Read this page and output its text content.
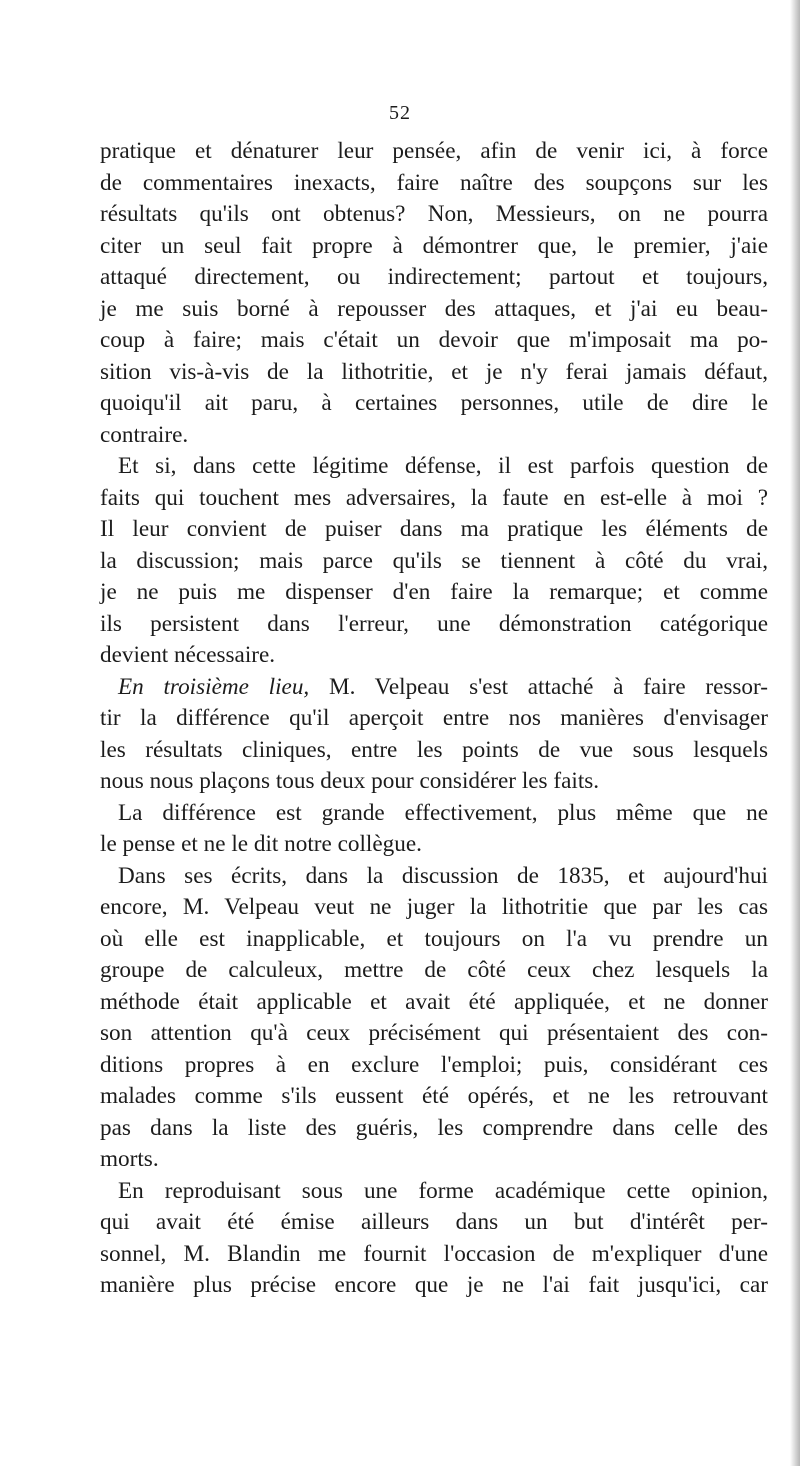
52
pratique et dénaturer leur pensée, afin de venir ici, à force
de commentaires inexacts, faire naître des soupçons sur les
résultats qu'ils ont obtenus? Non, Messieurs, on ne pourra
citer un seul fait propre à démontrer que, le premier, j'aie
attaqué directement, ou indirectement; partout et toujours,
je me suis borné à repousser des attaques, et j'ai eu beau-
coup à faire; mais c'était un devoir que m'imposait ma po-
sition vis-à-vis de la lithotritie, et je n'y ferai jamais défaut,
quoiqu'il ait paru, à certaines personnes, utile de dire le
contraire.
Et si, dans cette légitime défense, il est parfois question de
faits qui touchent mes adversaires, la faute en est-elle à moi ?
Il leur convient de puiser dans ma pratique les éléments de
la discussion; mais parce qu'ils se tiennent à côté du vrai,
je ne puis me dispenser d'en faire la remarque; et comme
ils persistent dans l'erreur, une démonstration catégorique
devient nécessaire.
En troisième lieu, M. Velpeau s'est attaché à faire ressor-
tir la différence qu'il aperçoit entre nos manières d'envisager
les résultats cliniques, entre les points de vue sous lesquels
nous nous plaçons tous deux pour considérer les faits.
La différence est grande effectivement, plus même que ne
le pense et ne le dit notre collègue.
Dans ses écrits, dans la discussion de 1835, et aujourd'hui
encore, M. Velpeau veut ne juger la lithotritie que par les cas
où elle est inapplicable, et toujours on l'a vu prendre un
groupe de calculeux, mettre de côté ceux chez lesquels la
méthode était applicable et avait été appliquée, et ne donner
son attention qu'à ceux précisément qui présentaient des con-
ditions propres à en exclure l'emploi; puis, considérant ces
malades comme s'ils eussent été opérés, et ne les retrouvant
pas dans la liste des guéris, les comprendre dans celle des
morts.
En reproduisant sous une forme académique cette opinion,
qui avait été émise ailleurs dans un but d'intérêt per-
sonnel, M. Blandin me fournit l'occasion de m'expliquer d'une
manière plus précise encore que je ne l'ai fait jusqu'ici, car
